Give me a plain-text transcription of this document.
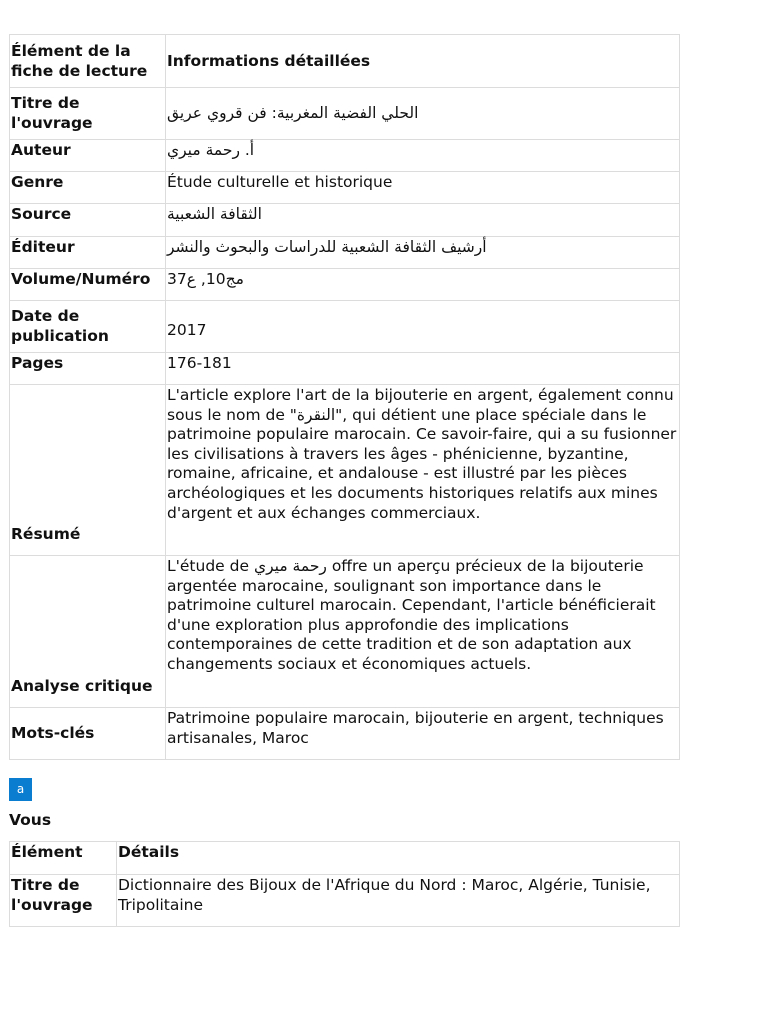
Élément de la fiche de lecture	Informations détaillées
Titre de l'ouvrage	الحلي الفضية المغربية: فن قروي عريق
Auteur	أ. رحمة ميري
Genre	Étude culturelle et historique
Source	الثقافة الشعبية
Éditeur	أرشيف الثقافة الشعبية للدراسات والبحوث والنشر
Volume/Numéro	مج10, ع37
Date de publication	2017
Pages	176-181
Résumé	L'article explore l'art de la bijouterie en argent, également connu sous le nom de "النقرة", qui détient une place spéciale dans le patrimoine populaire marocain. Ce savoir-faire, qui a su fusionner les civilisations à travers les âges - phénicienne, byzantine, romaine, africaine, et andalouse - est illustré par les pièces archéologiques et les documents historiques relatifs aux mines d'argent et aux échanges commerciaux.
Analyse critique	L'étude de رحمة ميري offre un aperçu précieux de la bijouterie argentée marocaine, soulignant son importance dans le patrimoine culturel marocain. Cependant, l'article bénéficierait d'une exploration plus approfondie des implications contemporaines de cette tradition et de son adaptation aux changements sociaux et économiques actuels.
Mots-clés	Patrimoine populaire marocain, bijouterie en argent, techniques artisanales, Maroc
a
Vous
Élément	Détails
Titre de l'ouvrage	Dictionnaire des Bijoux de l'Afrique du Nord : Maroc, Algérie, Tunisie, Tripolitaine
